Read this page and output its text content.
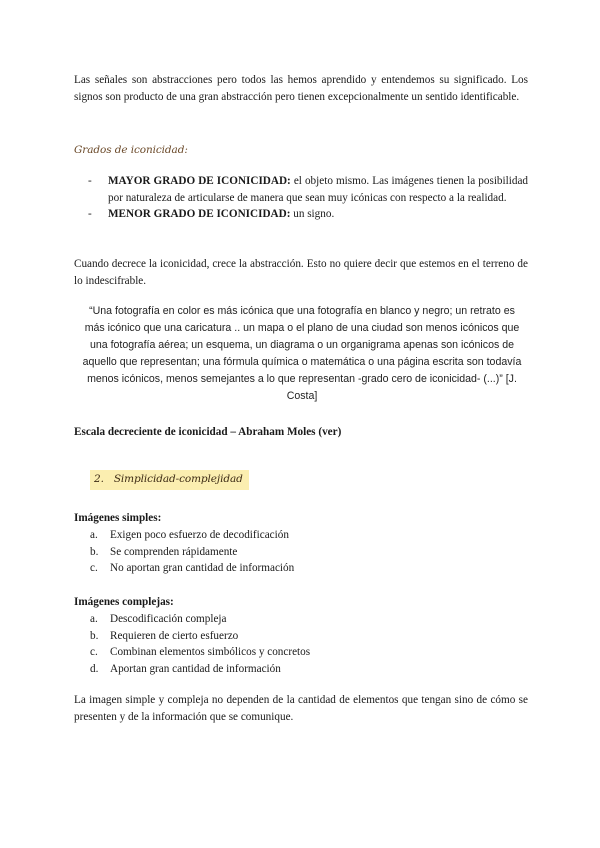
Las señales son abstracciones pero todos las hemos aprendido y entendemos su significado. Los signos son producto de una gran abstracción pero tienen excepcionalmente un sentido identificable.

Grados de iconicidad:

- MAYOR GRADO DE ICONICIDAD: el objeto mismo. Las imágenes tienen la posibilidad por naturaleza de articularse de manera que sean muy icónicas con respecto a la realidad.
- MENOR GRADO DE ICONICIDAD: un signo.

Cuando decrece la iconicidad, crece la abstracción. Esto no quiere decir que estemos en el terreno de lo indescifrable.

“Una fotografía en color es más icónica que una fotografía en blanco y negro; un retrato es más icónico que una caricatura .. un mapa o el plano de una ciudad son menos icónicos que una fotografía aérea; un esquema, un diagrama o un organigrama apenas son icónicos de aquello que representan; una fórmula química o matemática o una página escrita son todavía menos icónicos, menos semejantes a lo que representan -grado cero de iconicidad- (...)” [J. Costa]

Escala decreciente de iconicidad – Abraham Moles (ver)

2. Simplicidad-complejidad

Imágenes simples:

a. Exigen poco esfuerzo de decodificación
b. Se comprenden rápidamente
c. No aportan gran cantidad de información

Imágenes complejas:

a. Descodificación compleja
b. Requieren de cierto esfuerzo
c. Combinan elementos simbólicos y concretos
d. Aportan gran cantidad de información

La imagen simple y compleja no dependen de la cantidad de elementos que tengan sino de cómo se presenten y de la información que se comunique.
